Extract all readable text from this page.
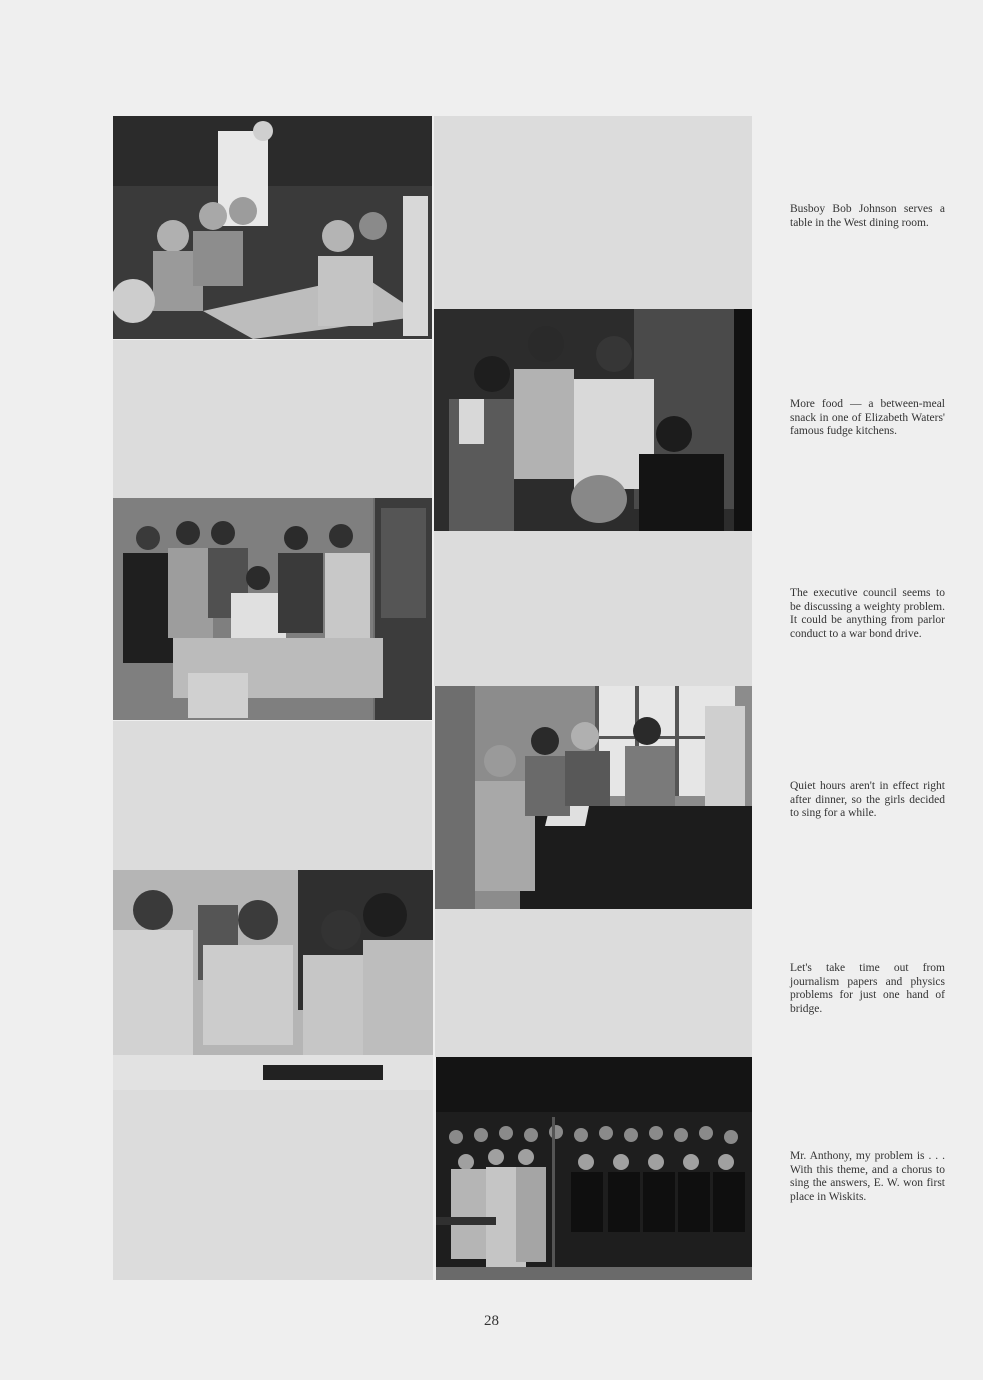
Busboy Bob Johnson serves a table in the West dining room.
More food — a between-meal snack in one of Elizabeth Waters' famous fudge kitchens.
The executive council seems to be discussing a weighty problem. It could be anything from parlor conduct to a war bond drive.
Quiet hours aren't in effect right after dinner, so the girls decided to sing for a while.
Let's take time out from journalism papers and physics problems for just one hand of bridge.
Mr. Anthony, my problem is . . . With this theme, and a chorus to sing the answers, E. W. won first place in Wiskits.
28
